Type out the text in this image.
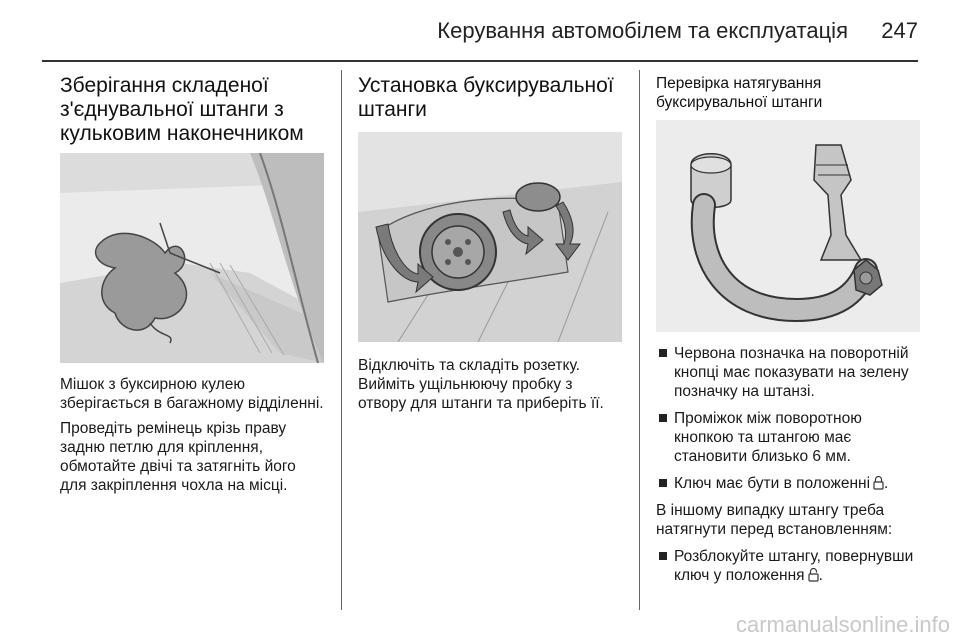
Керування автомобілем та експлуатація 247
Зберігання складеної з'єднувальної штанги з кульковим наконечником

Мішок з буксирною кулею зберігається в багажному відділенні.

Проведіть ремінець крізь праву задню петлю для кріплення, обмотайте двічі та затягніть його для закріплення чохла на місці.

Установка буксирувальної штанги

Відключіть та складіть розетку. Вийміть ущільнюючу пробку з отвору для штанги та приберіть її.

Перевірка натягування буксирувальної штанги
Червона позначка на поворотній кнопці має показувати на зелену позначку на штанзі.
Проміжок між поворотною кнопкою та штангою має становити близько 6 мм.
Ключ має бути в положенні .

В іншому випадку штангу треба натягнути перед встановленням:

Розблокуйте штангу, повернувши ключ у положення .
carmanualsonline.info
